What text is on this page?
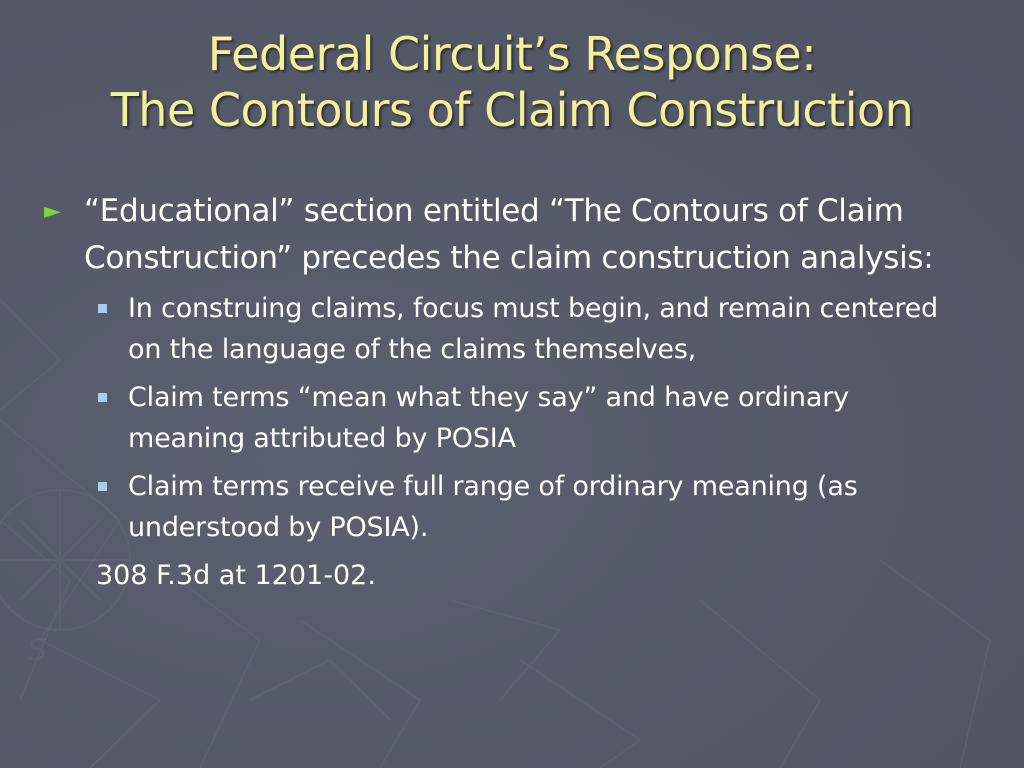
S
Federal Circuit’s Response:
The Contours of Claim Construction
► “Educational” section entitled “The Contours of Claim Construction” precedes the claim construction analysis:
In construing claims, focus must begin, and remain centered on the language of the claims themselves,
Claim terms “mean what they say” and have ordinary meaning attributed by POSIA
Claim terms receive full range of ordinary meaning (as understood by POSIA).
308 F.3d at 1201-02.
